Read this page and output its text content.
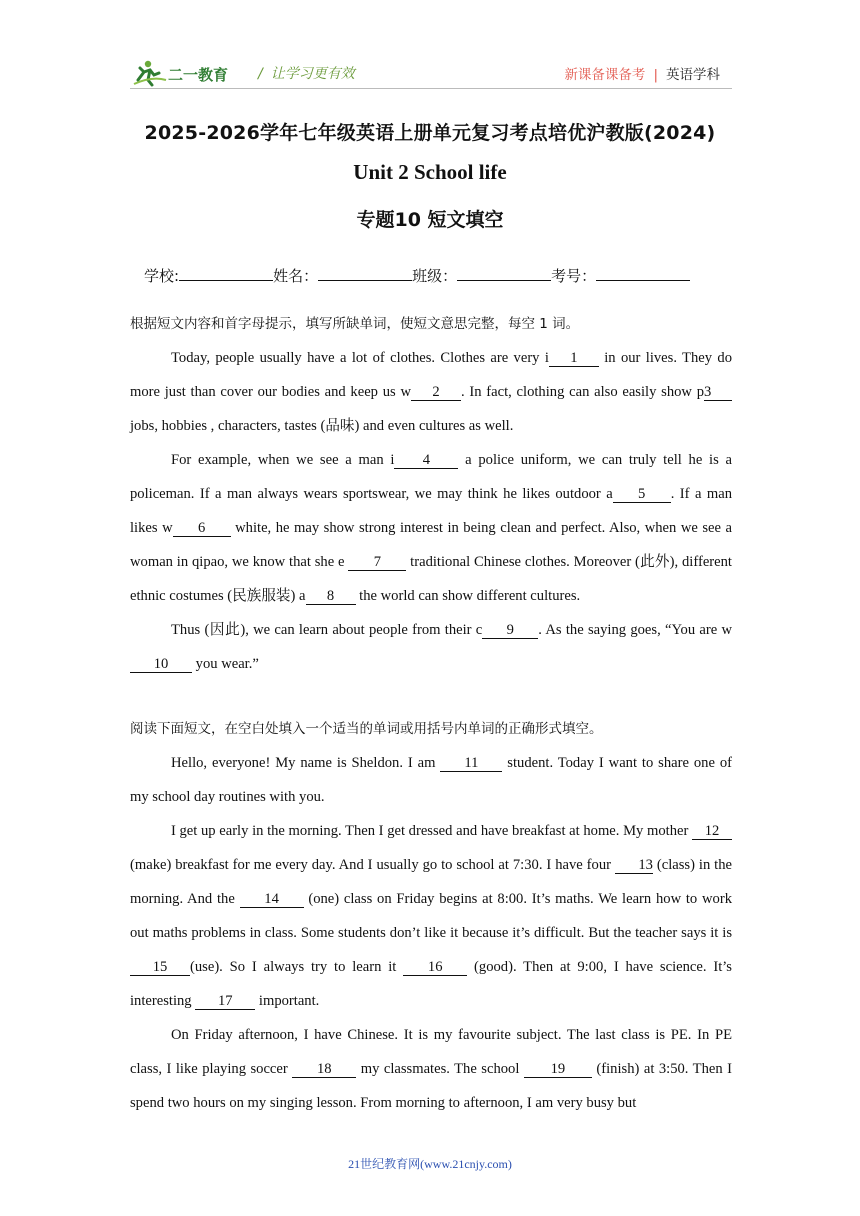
二一教育 / 让学习更有效	新课备课备考 | 英语学科
2025-2026学年七年级英语上册单元复习考点培优沪教版(2024)
Unit 2 School life
专题10 短文填空
学校:	姓名：	班级：	考号：
根据短文内容和首字母提示，填写所缺单词，使短文意思完整，每空 1 词。

Today, people usually have a lot of clothes. Clothes are very i 1 in our lives. They do more just than cover our bodies and keep us w 2 . In fact, clothing can also easily show p3 jobs, hobbies , characters, tastes (品味) and even cultures as well.

For example, when we see a man i 4 a police uniform, we can truly tell he is a policeman. If a man always wears sportswear, we may think he likes outdoor a 5 . If a man likes w 6 white, he may show strong interest in being clean and perfect. Also, when we see a woman in qipao, we know that she e 7 traditional Chinese clothes. Moreover (此外), different ethnic costumes (民族服装) a 8 the world can show different cultures.

Thus (因此), we can learn about people from their c 9 . As the saying goes, “You are w10 you wear.”

阅读下面短文，在空白处填入一个适当的单词或用括号内单词的正确形式填空。

Hello, everyone! My name is Sheldon. I am 11 student. Today I want to share one of my school day routines with you.

I get up early in the morning. Then I get dressed and have breakfast at home. My mother 12 (make) breakfast for me every day. And I usually go to school at 7:30. I have four 13 (class) in the morning. And the 14 (one) class on Friday begins at 8:00. It’s maths. We learn how to work out maths problems in class. Some students don’t like it because it’s difficult. But the teacher says it is 15 (use). So I always try to learn it 16 (good). Then at 9:00, I have science. It’s interesting 17 important.

On Friday afternoon, I have Chinese. It is my favourite subject. The last class is PE. In PE class, I like playing soccer 18 my classmates. The school 19 (finish) at 3:50. Then I spend two hours on my singing lesson. From morning to afternoon, I am very busy but

21世纪教育网(www.21cnjy.com)
